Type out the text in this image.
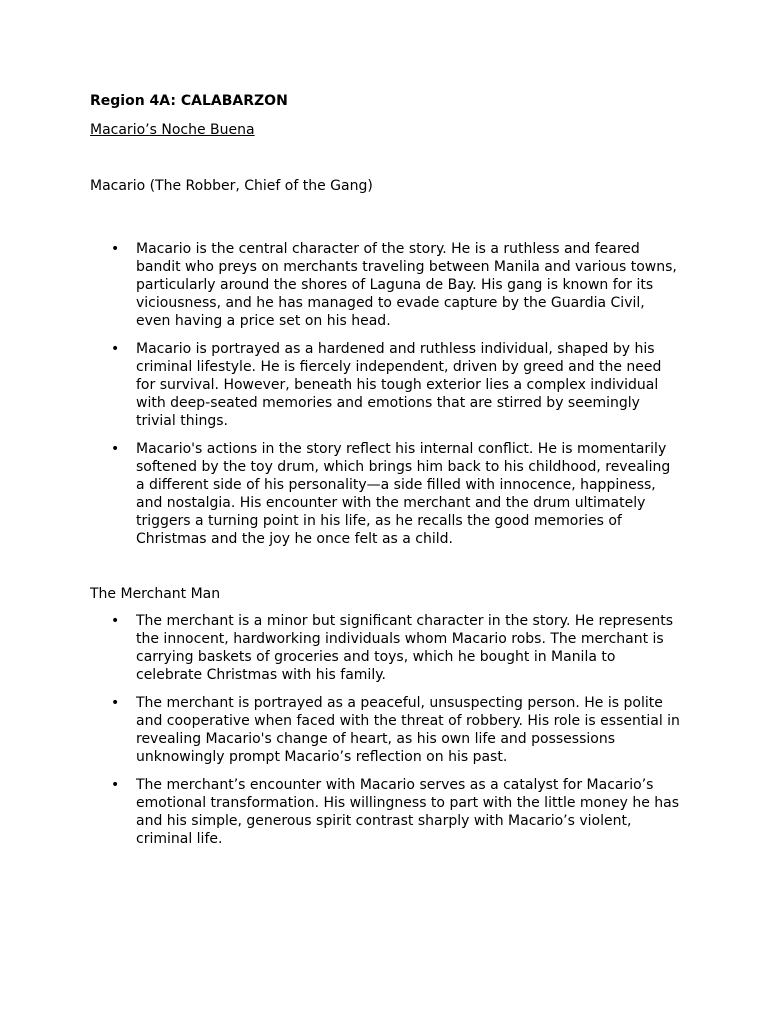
Region 4A: CALABARZON

Macario’s Noche Buena

Macario (The Robber, Chief of the Gang)

• Macario is the central character of the story. He is a ruthless and feared bandit who preys on merchants traveling between Manila and various towns, particularly around the shores of Laguna de Bay. His gang is known for its viciousness, and he has managed to evade capture by the Guardia Civil, even having a price set on his head.
• Macario is portrayed as a hardened and ruthless individual, shaped by his criminal lifestyle. He is fiercely independent, driven by greed and the need for survival. However, beneath his tough exterior lies a complex individual with deep-seated memories and emotions that are stirred by seemingly trivial things.
• Macario's actions in the story reflect his internal conflict. He is momentarily softened by the toy drum, which brings him back to his childhood, revealing a different side of his personality—a side filled with innocence, happiness, and nostalgia. His encounter with the merchant and the drum ultimately triggers a turning point in his life, as he recalls the good memories of Christmas and the joy he once felt as a child.

The Merchant Man

• The merchant is a minor but significant character in the story. He represents the innocent, hardworking individuals whom Macario robs. The merchant is carrying baskets of groceries and toys, which he bought in Manila to celebrate Christmas with his family.
• The merchant is portrayed as a peaceful, unsuspecting person. He is polite and cooperative when faced with the threat of robbery. His role is essential in revealing Macario's change of heart, as his own life and possessions unknowingly prompt Macario’s reflection on his past.
• The merchant’s encounter with Macario serves as a catalyst for Macario’s emotional transformation. His willingness to part with the little money he has and his simple, generous spirit contrast sharply with Macario’s violent, criminal life.
